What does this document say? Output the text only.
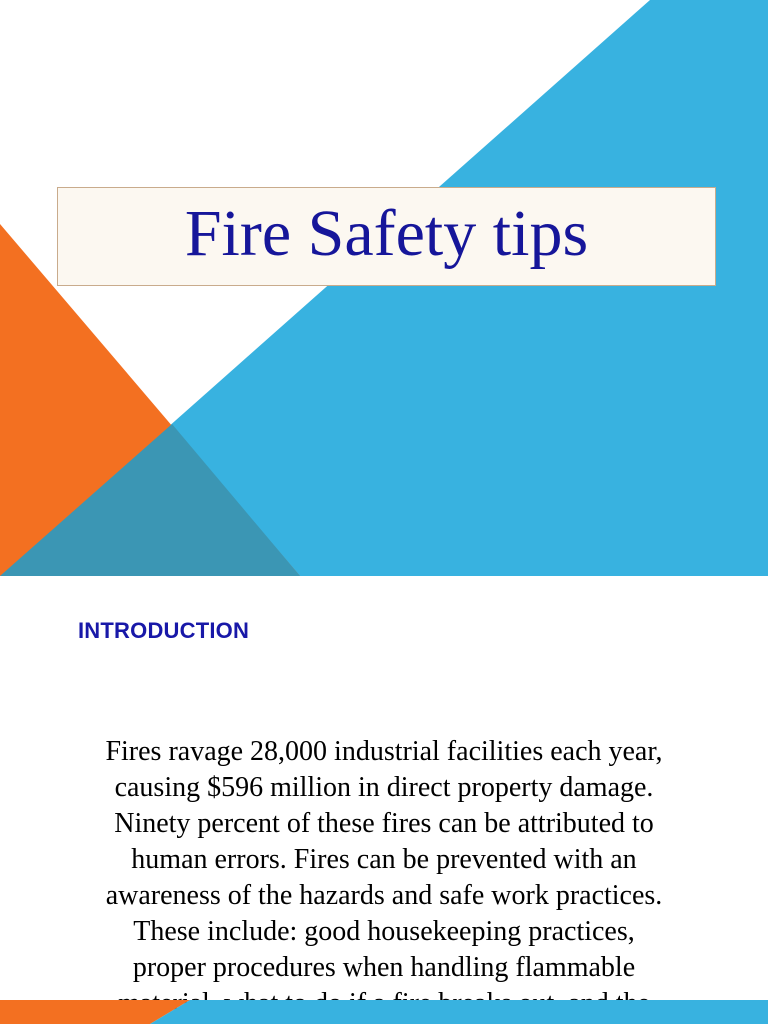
Fire Safety tips
INTRODUCTION
Fires ravage 28,000 industrial facilities each year,
causing $596 million in direct property damage.
Ninety percent of these fires can be attributed to
human errors. Fires can be prevented with an
awareness of the hazards and safe work practices.
These include: good housekeeping practices,
proper procedures when handling flammable
